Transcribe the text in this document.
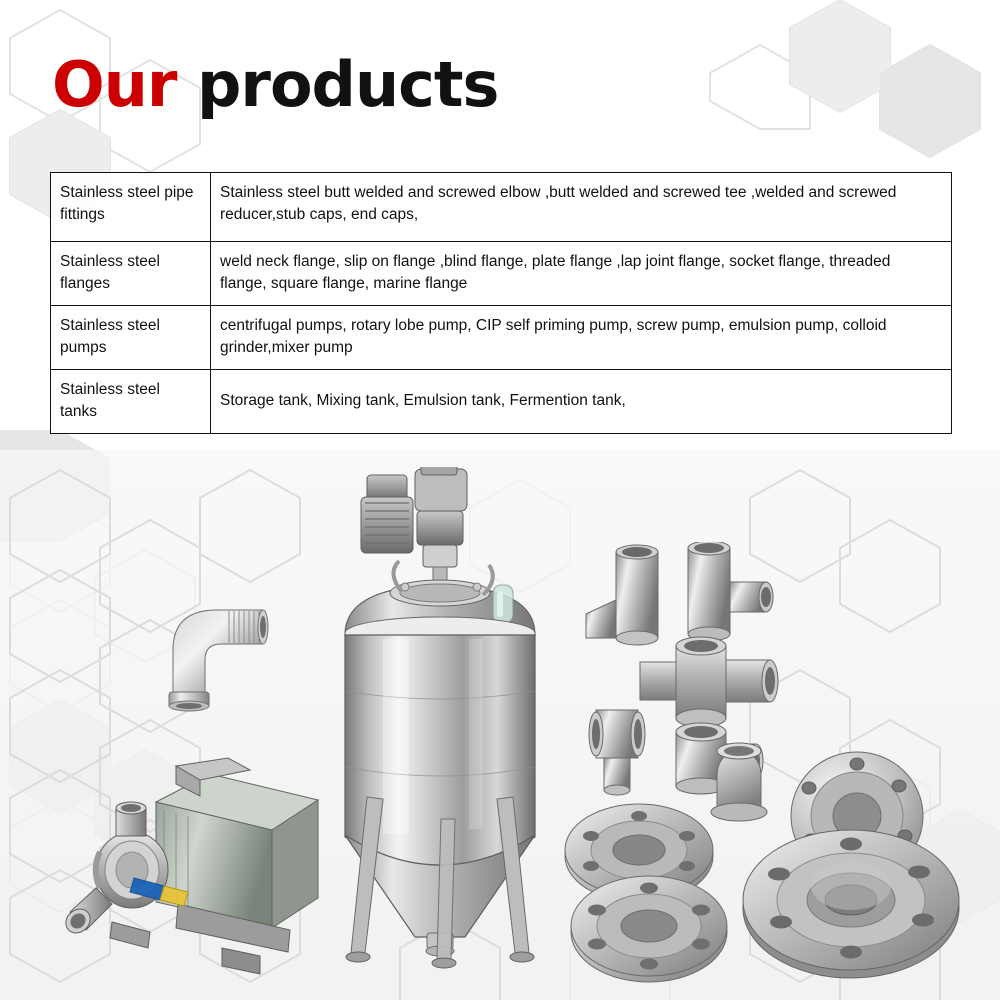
Our products
Stainless steel pipe fittings	Stainless steel butt welded and screwed elbow ,butt welded and screwed tee ,welded and screwed reducer,stub caps, end caps,
Stainless steel flanges	weld neck flange, slip on flange ,blind flange, plate flange ,lap joint flange, socket flange, threaded flange, square flange, marine flange
Stainless steel pumps	centrifugal pumps, rotary lobe pump, CIP self priming pump, screw pump, emulsion pump, colloid grinder,mixer pump
Stainless steel tanks	Storage tank, Mixing tank, Emulsion tank, Fermention tank,
